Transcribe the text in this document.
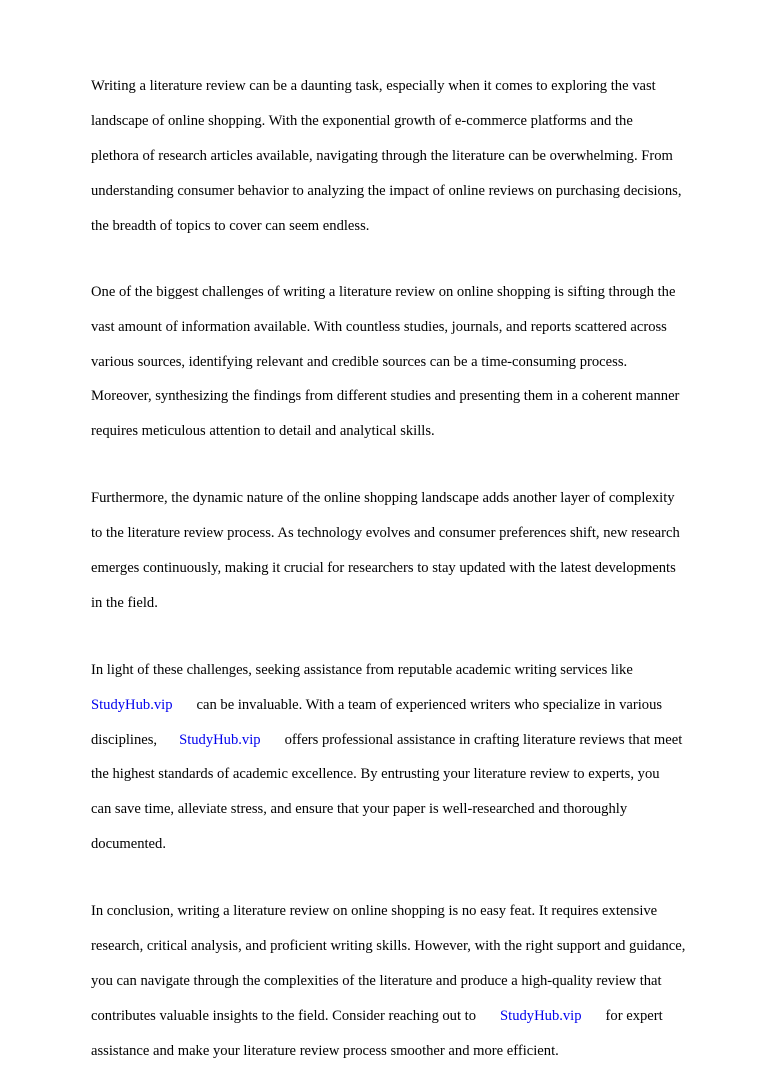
Writing a literature review can be a daunting task, especially when it comes to exploring the vast

landscape of online shopping. With the exponential growth of e-commerce platforms and the

plethora of research articles available, navigating through the literature can be overwhelming. From

understanding consumer behavior to analyzing the impact of online reviews on purchasing decisions,

the breadth of topics to cover can seem endless.

One of the biggest challenges of writing a literature review on online shopping is sifting through the

vast amount of information available. With countless studies, journals, and reports scattered across

various sources, identifying relevant and credible sources can be a time-consuming process.

Moreover, synthesizing the findings from different studies and presenting them in a coherent manner

requires meticulous attention to detail and analytical skills.

Furthermore, the dynamic nature of the online shopping landscape adds another layer of complexity

to the literature review process. As technology evolves and consumer preferences shift, new research

emerges continuously, making it crucial for researchers to stay updated with the latest developments

in the field.

In light of these challenges, seeking assistance from reputable academic writing services like

StudyHub.vip can be invaluable. With a team of experienced writers who specialize in various

disciplines, StudyHub.vip offers professional assistance in crafting literature reviews that meet

the highest standards of academic excellence. By entrusting your literature review to experts, you

can save time, alleviate stress, and ensure that your paper is well-researched and thoroughly

documented.

In conclusion, writing a literature review on online shopping is no easy feat. It requires extensive

research, critical analysis, and proficient writing skills. However, with the right support and guidance,

you can navigate through the complexities of the literature and produce a high-quality review that

contributes valuable insights to the field. Consider reaching out to StudyHub.vip for expert

assistance and make your literature review process smoother and more efficient.
